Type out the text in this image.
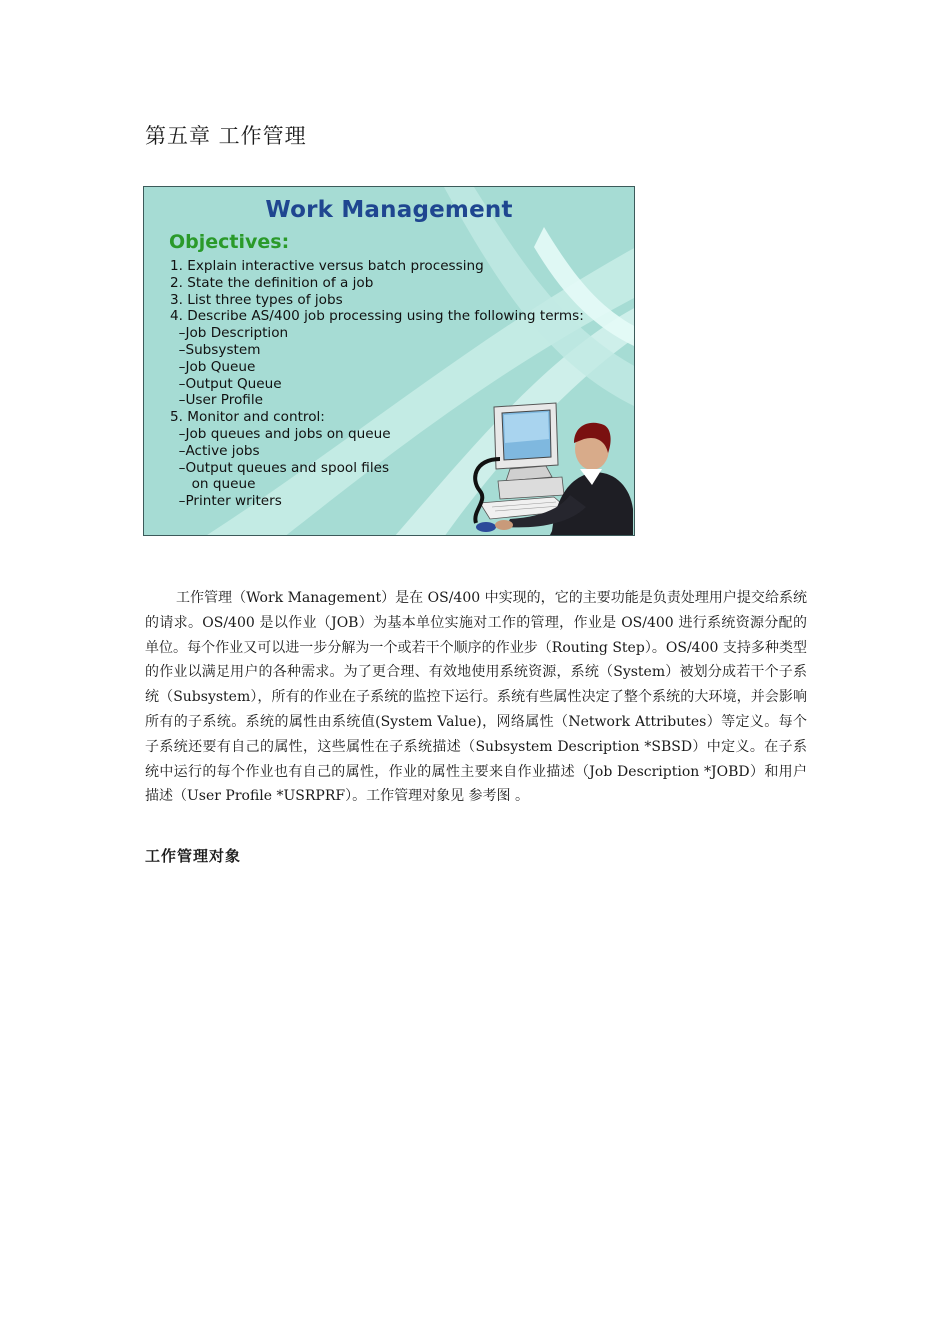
第五章 工作管理
Work Management
Objectives:
1. Explain interactive versus batch processing
2. State the definition of a job
3. List three types of jobs
4. Describe AS/400 job processing using the following terms:
–Job Description
–Subsystem
–Job Queue
–Output Queue
–User Profile
5. Monitor and control:
–Job queues and jobs on queue
–Active jobs
–Output queues and spool files
on queue
–Printer writers

工作管理（Work Management）是在 OS/400 中实现的，它的主要功能是负责处理用户提交给系统的请求。OS/400 是以作业（JOB）为基本单位实施对工作的管理，作业是 OS/400 进行系统资源分配的单位。每个作业又可以进一步分解为一个或若干个顺序的作业步（Routing Step）。OS/400 支持多种类型的作业以满足用户的各种需求。为了更合理、有效地使用系统资源，系统（System）被划分成若干个子系统（Subsystem），所有的作业在子系统的监控下运行。系统有些属性决定了整个系统的大环境，并会影响所有的子系统。系统的属性由系统值(System Value)，网络属性（Network Attributes）等定义。每个子系统还要有自己的属性，这些属性在子系统描述（Subsystem Description *SBSD）中定义。在子系统中运行的每个作业也有自己的属性，作业的属性主要来自作业描述（Job Description *JOBD）和用户描述（User Profile *USRPRF）。工作管理对象见 参考图 。

工作管理对象
